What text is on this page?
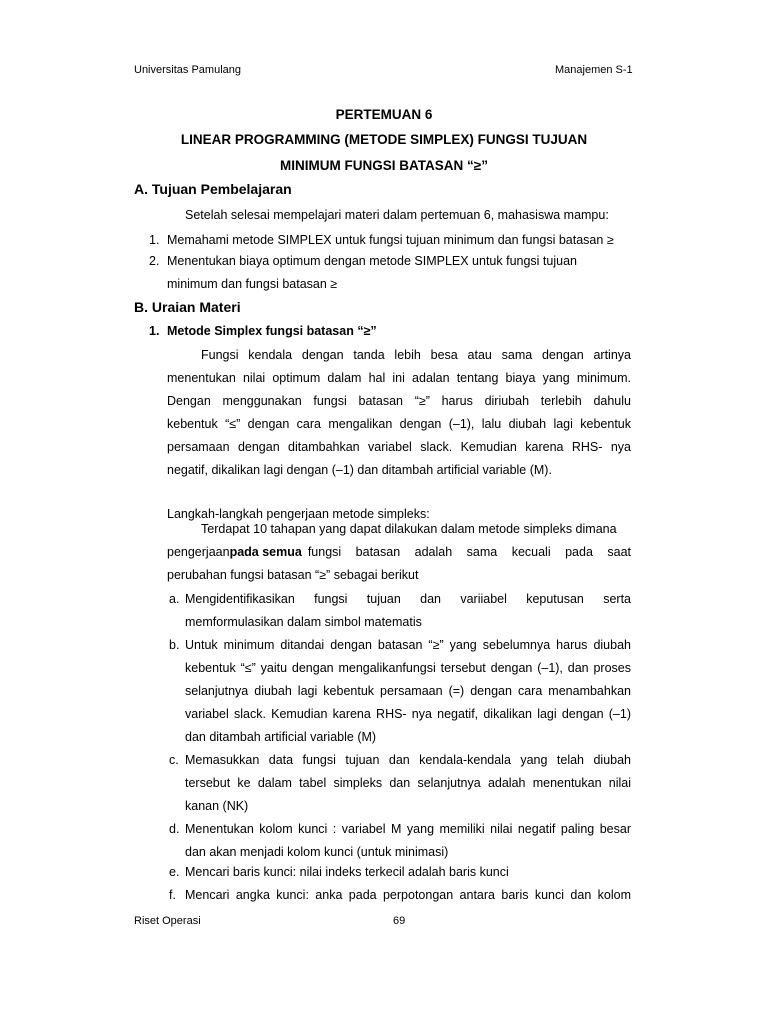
Universitas Pamulang	Manajemen S-1
PERTEMUAN 6
LINEAR PROGRAMMING (METODE SIMPLEX) FUNGSI TUJUAN
MINIMUM FUNGSI BATASAN “≥”
A. Tujuan Pembelajaran
Setelah selesai mempelajari materi dalam pertemuan 6, mahasiswa mampu:
1. Memahami metode SIMPLEX untuk fungsi tujuan minimum dan fungsi batasan ≥
2. Menentukan biaya optimum dengan metode SIMPLEX untuk fungsi tujuan
minimum dan fungsi batasan ≥
B. Uraian Materi
1. Metode Simplex fungsi batasan “≥”
Fungsi kendala dengan tanda lebih besa atau sama dengan artinya
menentukan nilai optimum dalam hal ini adalan tentang biaya yang minimum.
Dengan menggunakan fungsi batasan “≥” harus diriubah terlebih dahulu
kebentuk “≤” dengan cara mengalikan dengan (–1), lalu diubah lagi kebentuk
persamaan dengan ditambahkan variabel slack. Kemudian karena RHS- nya
negatif, dikalikan lagi dengan (–1) dan ditambah artificial variable (M).
Langkah-langkah pengerjaan metode simpleks:
Terdapat 10 tahapan yang dapat dilakukan dalam metode simpleks dimana
pengerjaan pada semua fungsi batasan adalah sama kecuali pada saat
perubahan fungsi batasan “≥” sebagai berikut
a. Mengidentifikasikan fungsi tujuan dan variiabel keputusan serta
memformulasikan dalam simbol matematis
b. Untuk minimum ditandai dengan batasan “≥” yang sebelumnya harus diubah
kebentuk “≤” yaitu dengan mengalikanfungsi tersebut dengan (–1), dan proses
selanjutnya diubah lagi kebentuk persamaan (=) dengan cara menambahkan
variabel slack. Kemudian karena RHS- nya negatif, dikalikan lagi dengan (–1)
dan ditambah artificial variable (M)
c. Memasukkan data fungsi tujuan dan kendala-kendala yang telah diubah
tersebut ke dalam tabel simpleks dan selanjutnya adalah menentukan nilai
kanan (NK)
d. Menentukan kolom kunci : variabel M yang memiliki nilai negatif paling besar
dan akan menjadi kolom kunci (untuk minimasi)
e. Mencari baris kunci: nilai indeks terkecil adalah baris kunci
f. Mencari angka kunci: anka pada perpotongan antara baris kunci dan kolom
Riset Operasi	69
